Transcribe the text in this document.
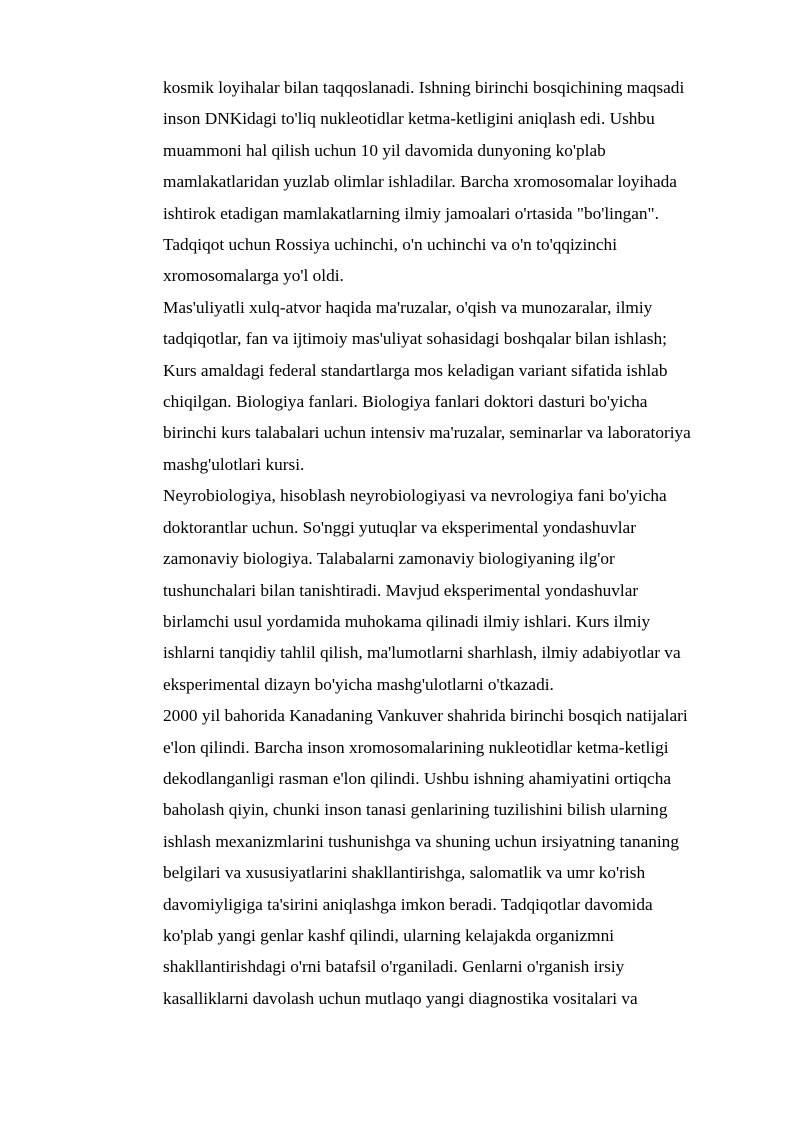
kosmik loyihalar bilan taqqoslanadi. Ishning birinchi bosqichining maqsadi
inson DNKidagi to'liq nukleotidlar ketma-ketligini aniqlash edi. Ushbu
muammoni hal qilish uchun 10 yil davomida dunyoning ko'plab
mamlakatlaridan yuzlab olimlar ishladilar. Barcha xromosomalar loyihada
ishtirok etadigan mamlakatlarning ilmiy jamoalari o'rtasida "bo'lingan".
Tadqiqot uchun Rossiya uchinchi, o'n uchinchi va o'n to'qqizinchi
xromosomalarga yo'l oldi.

Mas'uliyatli xulq-atvor haqida ma'ruzalar, o'qish va munozaralar, ilmiy
tadqiqotlar, fan va ijtimoiy mas'uliyat sohasidagi boshqalar bilan ishlash;
Kurs amaldagi federal standartlarga mos keladigan variant sifatida ishlab
chiqilgan. Biologiya fanlari. Biologiya fanlari doktori dasturi bo'yicha
birinchi kurs talabalari uchun intensiv ma'ruzalar, seminarlar va laboratoriya
mashg'ulotlari kursi.

Neyrobiologiya, hisoblash neyrobiologiyasi va nevrologiya fani bo'yicha
doktorantlar uchun. So'nggi yutuqlar va eksperimental yondashuvlar
zamonaviy biologiya. Talabalarni zamonaviy biologiyaning ilg'or
tushunchalari bilan tanishtiradi. Mavjud eksperimental yondashuvlar
birlamchi usul yordamida muhokama qilinadi ilmiy ishlari. Kurs ilmiy
ishlarni tanqidiy tahlil qilish, ma'lumotlarni sharhlash, ilmiy adabiyotlar va
eksperimental dizayn bo'yicha mashg'ulotlarni o'tkazadi.

2000 yil bahorida Kanadaning Vankuver shahrida birinchi bosqich natijalari
e'lon qilindi. Barcha inson xromosomalarining nukleotidlar ketma-ketligi
dekodlanganligi rasman e'lon qilindi. Ushbu ishning ahamiyatini ortiqcha
baholash qiyin, chunki inson tanasi genlarining tuzilishini bilish ularning
ishlash mexanizmlarini tushunishga va shuning uchun irsiyatning tananing
belgilari va xususiyatlarini shakllantirishga, salomatlik va umr ko'rish
davomiyligiga ta'sirini aniqlashga imkon beradi. Tadqiqotlar davomida
ko'plab yangi genlar kashf qilindi, ularning kelajakda organizmni
shakllantirishdagi o'rni batafsil o'rganiladi. Genlarni o'rganish irsiy
kasalliklarni davolash uchun mutlaqo yangi diagnostika vositalari va
